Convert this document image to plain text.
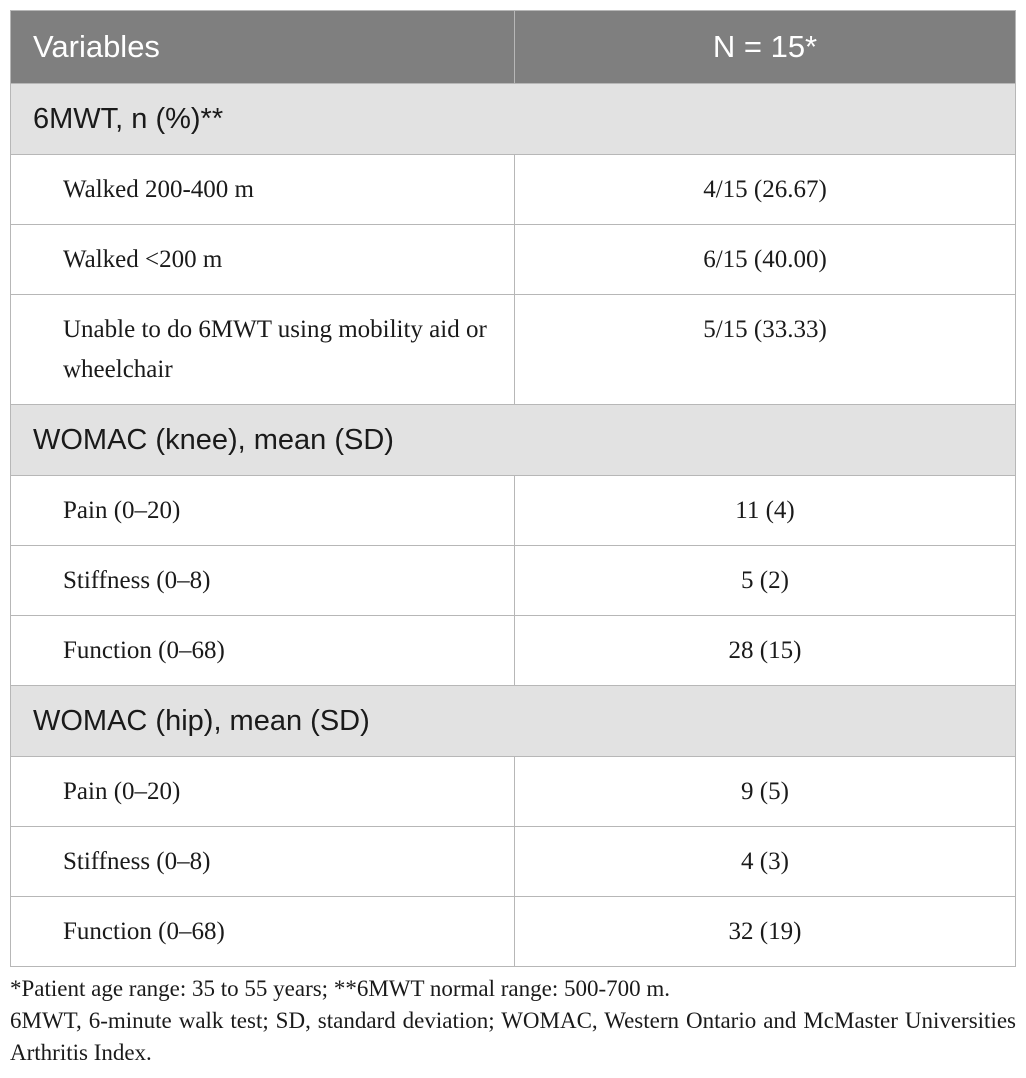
Variables	N = 15*
6MWT, n (%)**	
Walked 200-400 m	4/15 (26.67)
Walked <200 m	6/15 (40.00)
Unable to do 6MWT using mobility aid or wheelchair	5/15 (33.33)
WOMAC (knee), mean (SD)	
Pain (0–20)	11 (4)
Stiffness (0–8)	5 (2)
Function (0–68)	28 (15)
WOMAC (hip), mean (SD)	
Pain (0–20)	9 (5)
Stiffness (0–8)	4 (3)
Function (0–68)	32 (19)

*Patient age range: 35 to 55 years; **6MWT normal range: 500-700 m.

6MWT, 6-minute walk test; SD, standard deviation; WOMAC, Western Ontario and McMaster Universities Arthritis Index.
